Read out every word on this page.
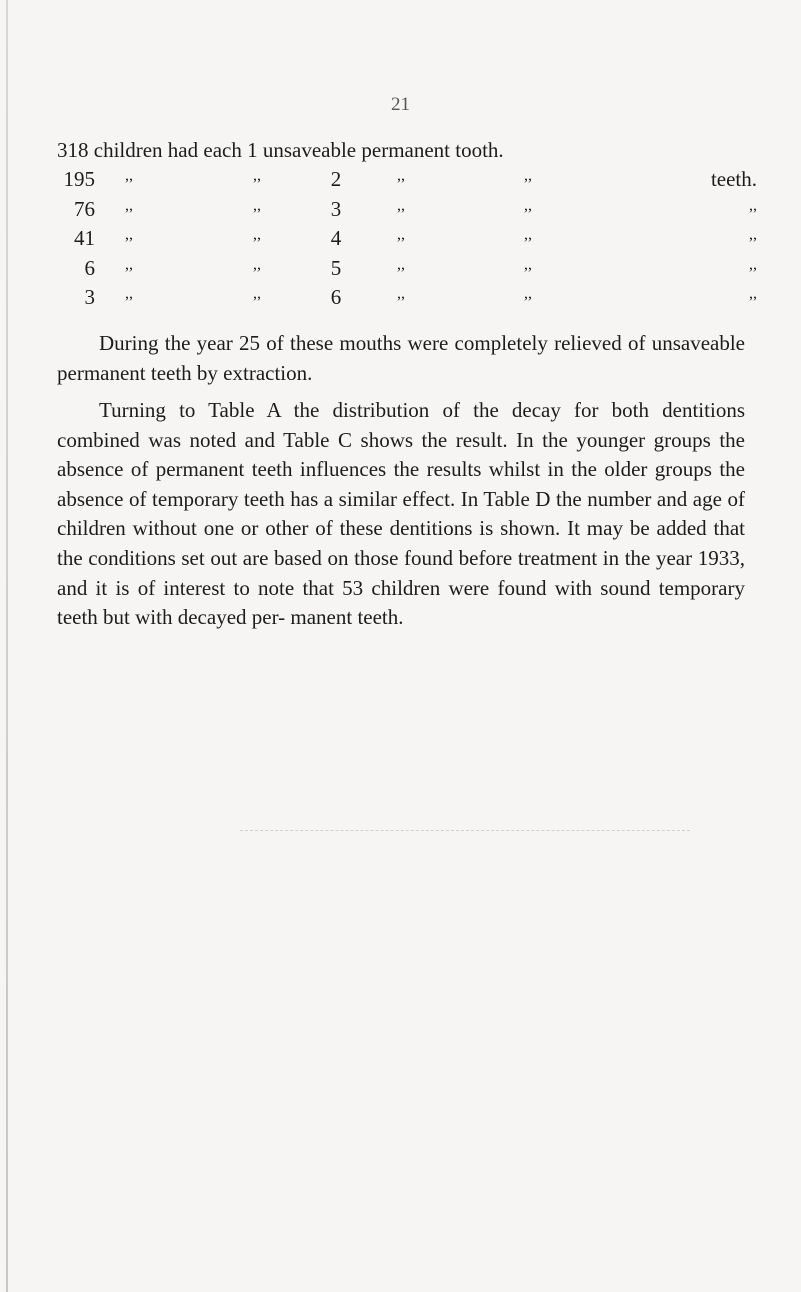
21
318 children had each 1 unsaveable permanent tooth.
195 ,,	,,	2	,,	,,	teeth.
76 ,,	,,	3	,,	,,	,,
41 ,,	,,	4	,,	,,	,,
6 ,,	,,	5	,,	,,	,,
3 ,,	,,	6	,,	,,	,,

During the year 25 of these mouths were completely relieved of unsaveable permanent teeth by extraction.

Turning to Table A the distribution of the decay for both dentitions combined was noted and Table C shows the result. In the younger groups the absence of permanent teeth influences the results whilst in the older groups the absence of temporary teeth has a similar effect. In Table D the number and age of children without one or other of these dentitions is shown. It may be added that the conditions set out are based on those found before treatment in the year 1933, and it is of interest to note that 53 children were found with sound temporary teeth but with decayed per- manent teeth.
